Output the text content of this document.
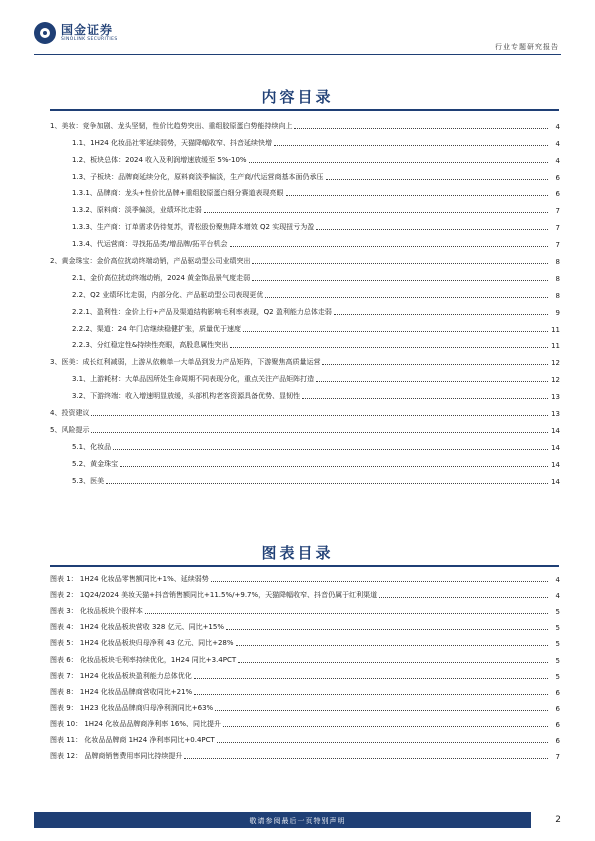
国金证券
SINOLINK SECURITIES
行业专题研究报告
内容目录
1、美妆：竞争加剧、龙头坚韧，性价比趋势突出、重组胶原蛋白势能持续向上	4
1.1、1H24 化妆品社零延续弱势，天猫降幅收窄、抖音延续快增	4
1.2、板块总体：2024 收入及利润增速放缓至 5%-10%	4
1.3、子板块：品牌商延续分化，原料商淡季偏淡，生产商/代运营商基本面仍承压	6
1.3.1、品牌商：龙头+性价比品牌+重组胶原蛋白细分赛道表现亮眼	6
1.3.2、原料商：淡季偏淡，业绩环比走弱	7
1.3.3、生产商：订单需求仍待复苏，青松股份聚焦降本增效 Q2 实现扭亏为盈	7
1.3.4、代运营商：寻找拓品类/增品牌/拓平台机会	7
2、黄金珠宝：金价高位扰动终端动销，产品驱动型公司业绩突出	8
2.1、金价高位扰动终端动销，2024 黄金饰品景气度走弱	8
2.2、Q2 业绩环比走弱，内部分化、产品驱动型公司表现更优	8
2.2.1、盈利性：金价上行+产品及渠道结构影响毛利率表现，Q2 盈利能力总体走弱	9
2.2.2、渠道：24 年门店继续稳健扩张，质量优于速度	11
2.2.3、分红稳定性&持续性亮眼，高股息属性突出	11
3、医美：成长红利减弱，上游从依赖单一大单品到发力产品矩阵，下游聚焦高质量运营	12
3.1、上游耗材：大单品因所处生命周期不同表现分化，重点关注产品矩阵打造	12
3.2、下游终端：收入增速明显放缓，头部机构老客资源具备优势、显韧性	13
4、投资建议	13
5、风险提示	14
5.1、化妆品	14
5.2、黄金珠宝	14
5.3、医美	14
图表目录
图表 1： 1H24 化妆品零售额同比+1%、延续弱势	4
图表 2： 1Q24/2024 美妆天猫+抖音销售额同比+11.5%/+9.7%，天猫降幅收窄、抖音仍属于红利渠道	4
图表 3： 化妆品板块个股样本	5
图表 4： 1H24 化妆品板块营收 328 亿元、同比+15%	5
图表 5： 1H24 化妆品板块归母净利 43 亿元、同比+28%	5
图表 6： 化妆品板块毛利率持续优化，1H24 同比+3.4PCT	5
图表 7： 1H24 化妆品板块盈利能力总体优化	5
图表 8： 1H24 化妆品品牌商营收同比+21%	6
图表 9： 1H23 化妆品品牌商归母净利润同比+63%	6
图表 10： 1H24 化妆品品牌商净利率 16%、同比提升	6
图表 11： 化妆品品牌商 1H24 净利率同比+0.4PCT	6
图表 12： 品牌商销售费用率同比持续提升	7
敬请参阅最后一页特别声明	2
